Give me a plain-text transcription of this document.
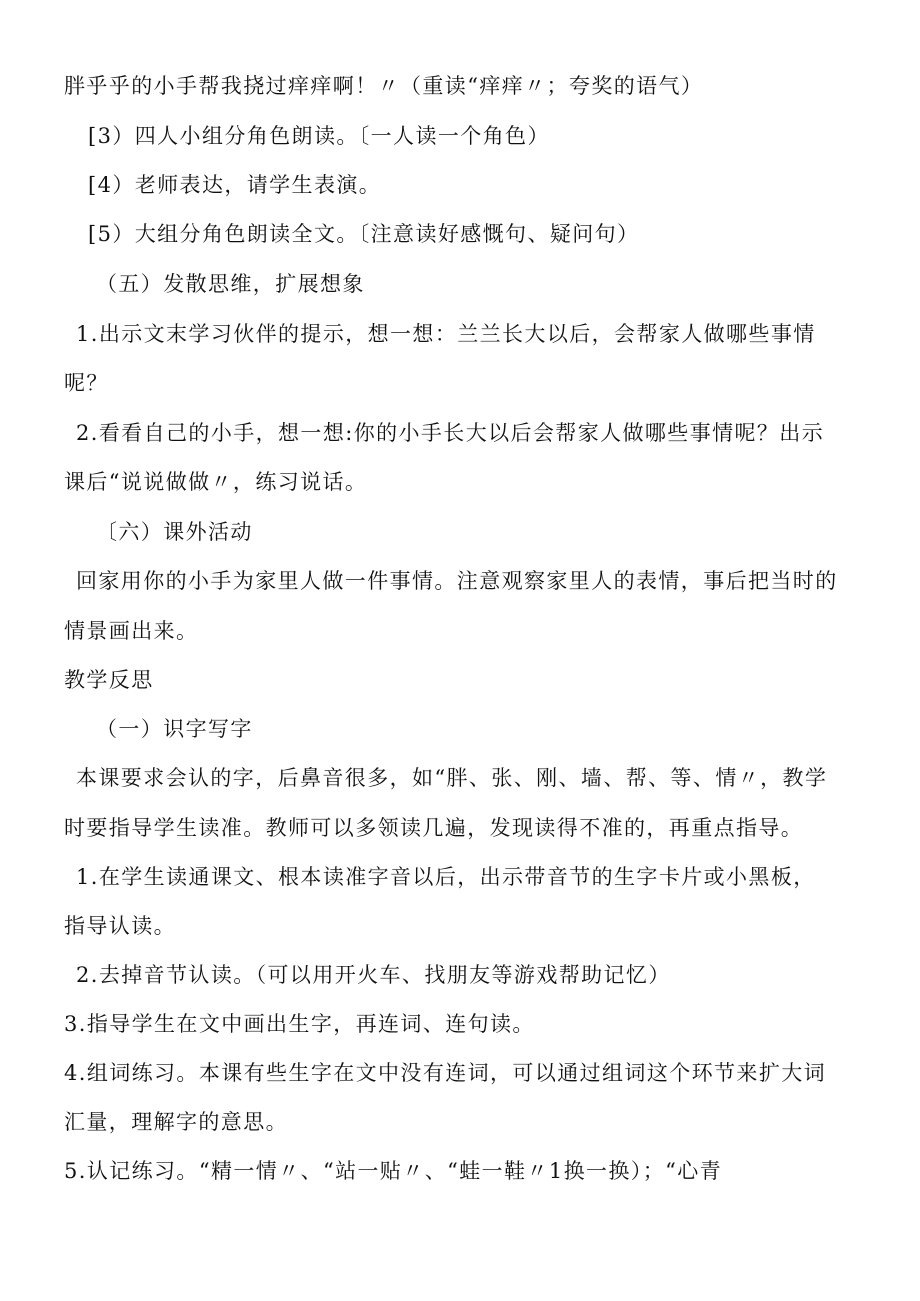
胖乎乎的小手帮我挠过痒痒啊！〃（重读“痒痒〃；夸奖的语气）
[3）四人小组分角色朗读。〔一人读一个角色）
[4）老师表达，请学生表演。
[5）大组分角色朗读全文。〔注意读好感慨句、疑问句）
（五）发散思维，扩展想象
1.出示文末学习伙伴的提示，想一想：兰兰长大以后，会帮家人做哪些事情
呢？
2.看看自己的小手，想一想:你的小手长大以后会帮家人做哪些事情呢？出示
课后“说说做做〃，练习说话。
〔六）课外活动
回家用你的小手为家里人做一件事情。注意观察家里人的表情，事后把当时的
情景画出来。
教学反思
（一）识字写字
本课要求会认的字，后鼻音很多，如“胖、张、刚、墙、帮、等、情〃，教学
时要指导学生读准。教师可以多领读几遍，发现读得不准的，再重点指导。
1.在学生读通课文、根本读准字音以后，出示带音节的生字卡片或小黑板，
指导认读。
2.去掉音节认读。（可以用开火车、找朋友等游戏帮助记忆）
3.指导学生在文中画出生字，再连词、连句读。
4.组词练习。本课有些生字在文中没有连词，可以通过组词这个环节来扩大词
汇量，理解字的意思。
5.认记练习。“精一情〃、“站一贴〃、“蛙一鞋〃1换一换）；“心青
